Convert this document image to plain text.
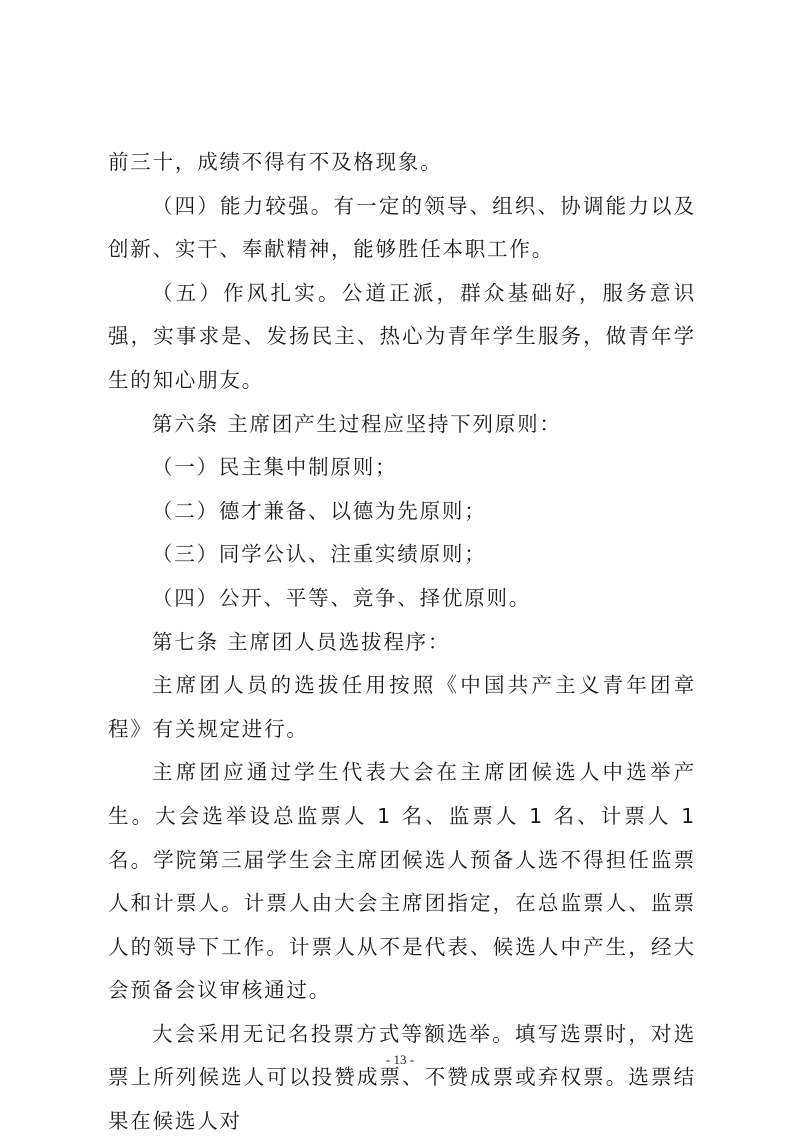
前三十，成绩不得有不及格现象。

（四）能力较强。有一定的领导、组织、协调能力以及创新、实干、奉献精神，能够胜任本职工作。

（五）作风扎实。公道正派，群众基础好，服务意识强，实事求是、发扬民主、热心为青年学生服务，做青年学生的知心朋友。

第六条 主席团产生过程应坚持下列原则：

（一）民主集中制原则；

（二）德才兼备、以德为先原则；

（三）同学公认、注重实绩原则；

（四）公开、平等、竞争、择优原则。

第七条 主席团人员选拔程序：

主席团人员的选拔任用按照《中国共产主义青年团章程》有关规定进行。

主席团应通过学生代表大会在主席团候选人中选举产生。大会选举设总监票人 1 名、监票人 1 名、计票人 1 名。学院第三届学生会主席团候选人预备人选不得担任监票人和计票人。计票人由大会主席团指定，在总监票人、监票人的领导下工作。计票人从不是代表、候选人中产生，经大会预备会议审核通过。

大会采用无记名投票方式等额选举。填写选票时，对选票上所列候选人可以投赞成票、不赞成票或弃权票。选票结果在候选人对

- 13 -
